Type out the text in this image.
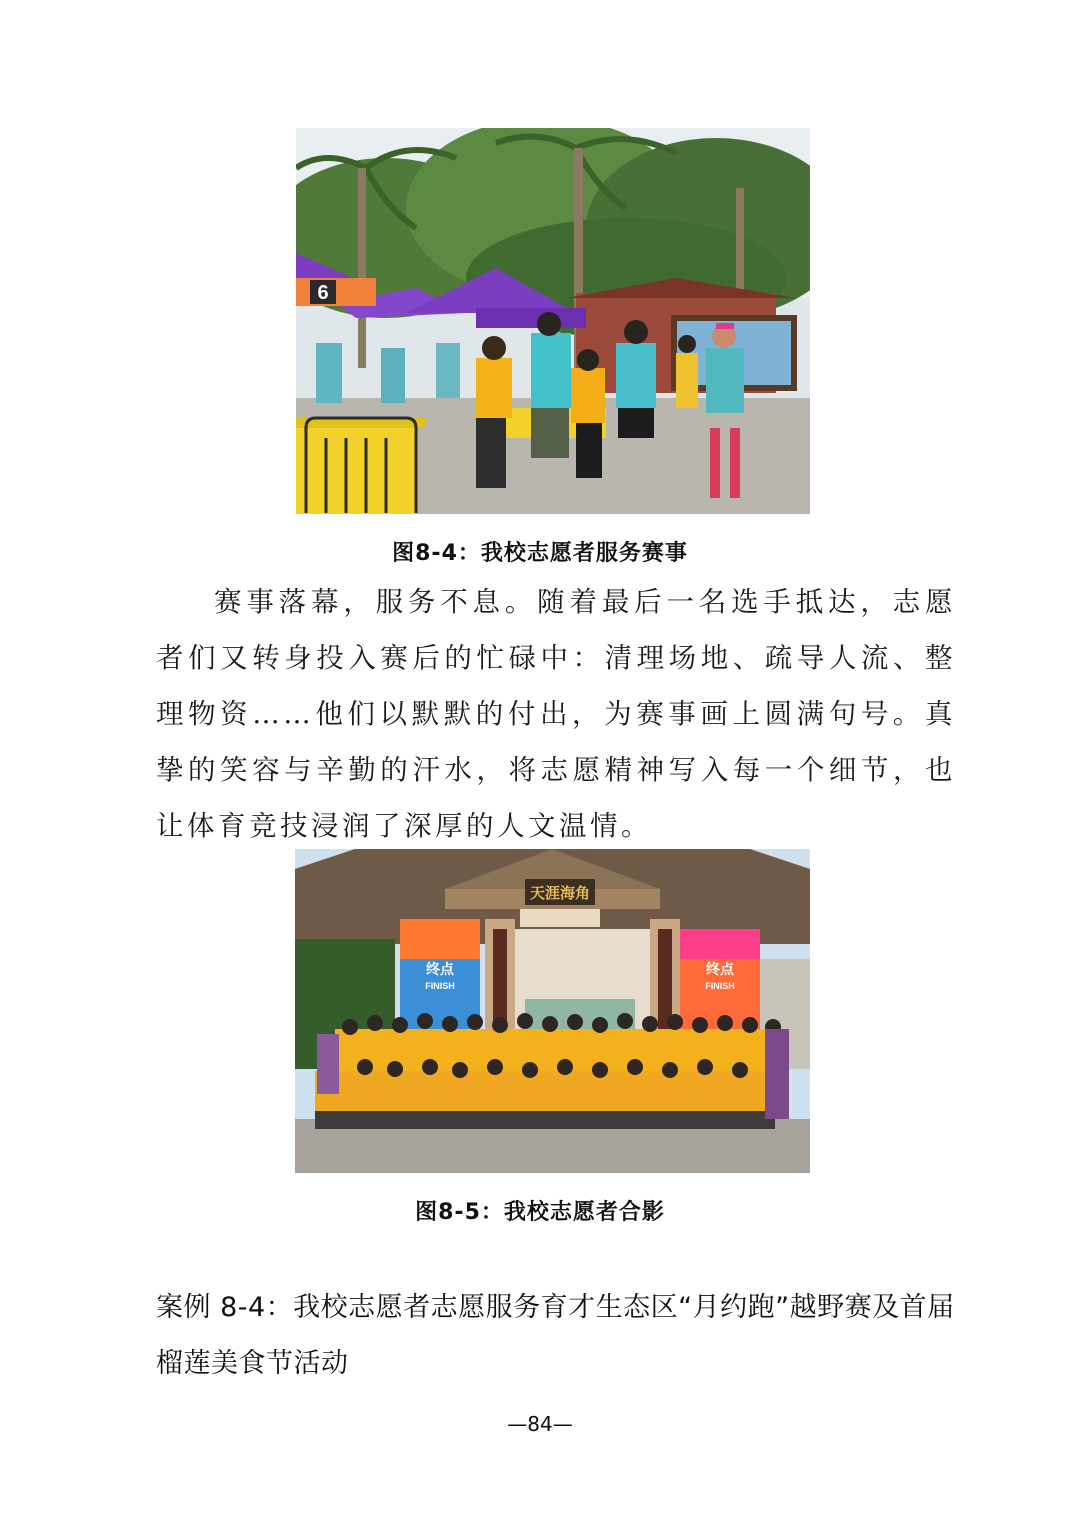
6
图8-4：我校志愿者服务赛事

赛事落幕，服务不息。随着最后一名选手抵达，志愿者们又转身投入赛后的忙碌中：清理场地、疏导人流、整理物资……他们以默默的付出，为赛事画上圆满句号。真挚的笑容与辛勤的汗水，将志愿精神写入每一个细节，也让体育竞技浸润了深厚的人文温情。

天涯海角
终点
FINISH
终点
FINISH
图8-5：我校志愿者合影

案例 8-4：我校志愿者志愿服务育才生态区“月约跑”越野赛及首届榴莲美食节活动

—84—
